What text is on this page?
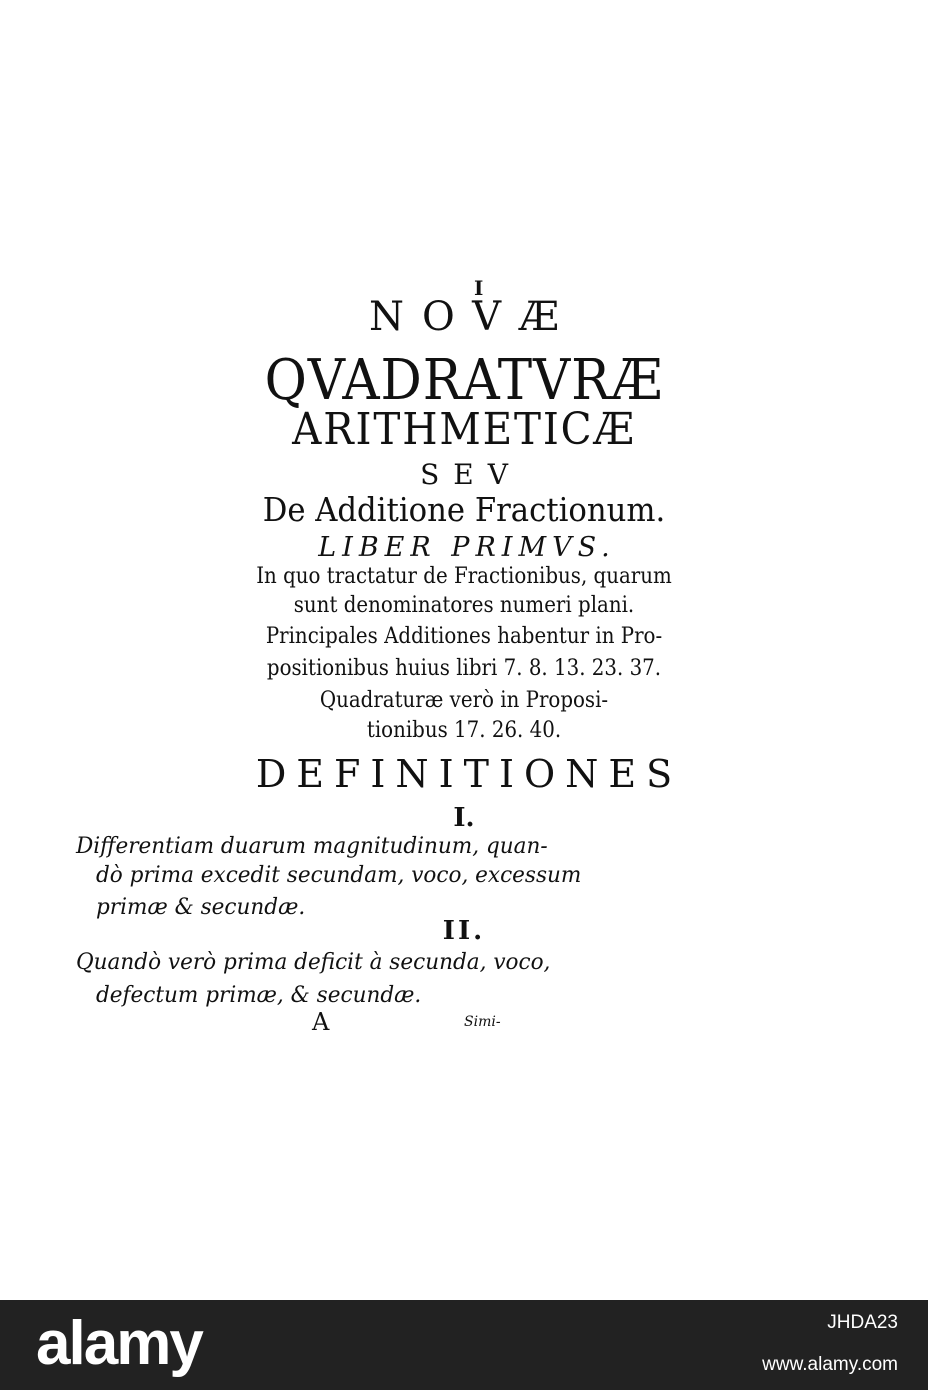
I

NOVÆ

QVADRATVRÆ

ARITHMETICÆ

SEV

De Additione Fractionum.

LIBER PRIMVS.

In quo tractatur de Fractionibus, quarum

sunt denominatores numeri plani.

Principales Additiones habentur in Pro-

positionibus huius libri 7. 8. 13. 23. 37.

Quadraturæ verò in Proposi-

tionibus 17. 26. 40.

DEFINITIONES

I.

Differentiam duarum magnitudinum, quan-

dò prima excedit secundam, voco, excessum

primæ & secundæ.

II.

Quandò verò prima deficit à secunda, voco,

defectum primæ, & secundæ.

A	Simi-

alamy	JHDA23
www.alamy.com
